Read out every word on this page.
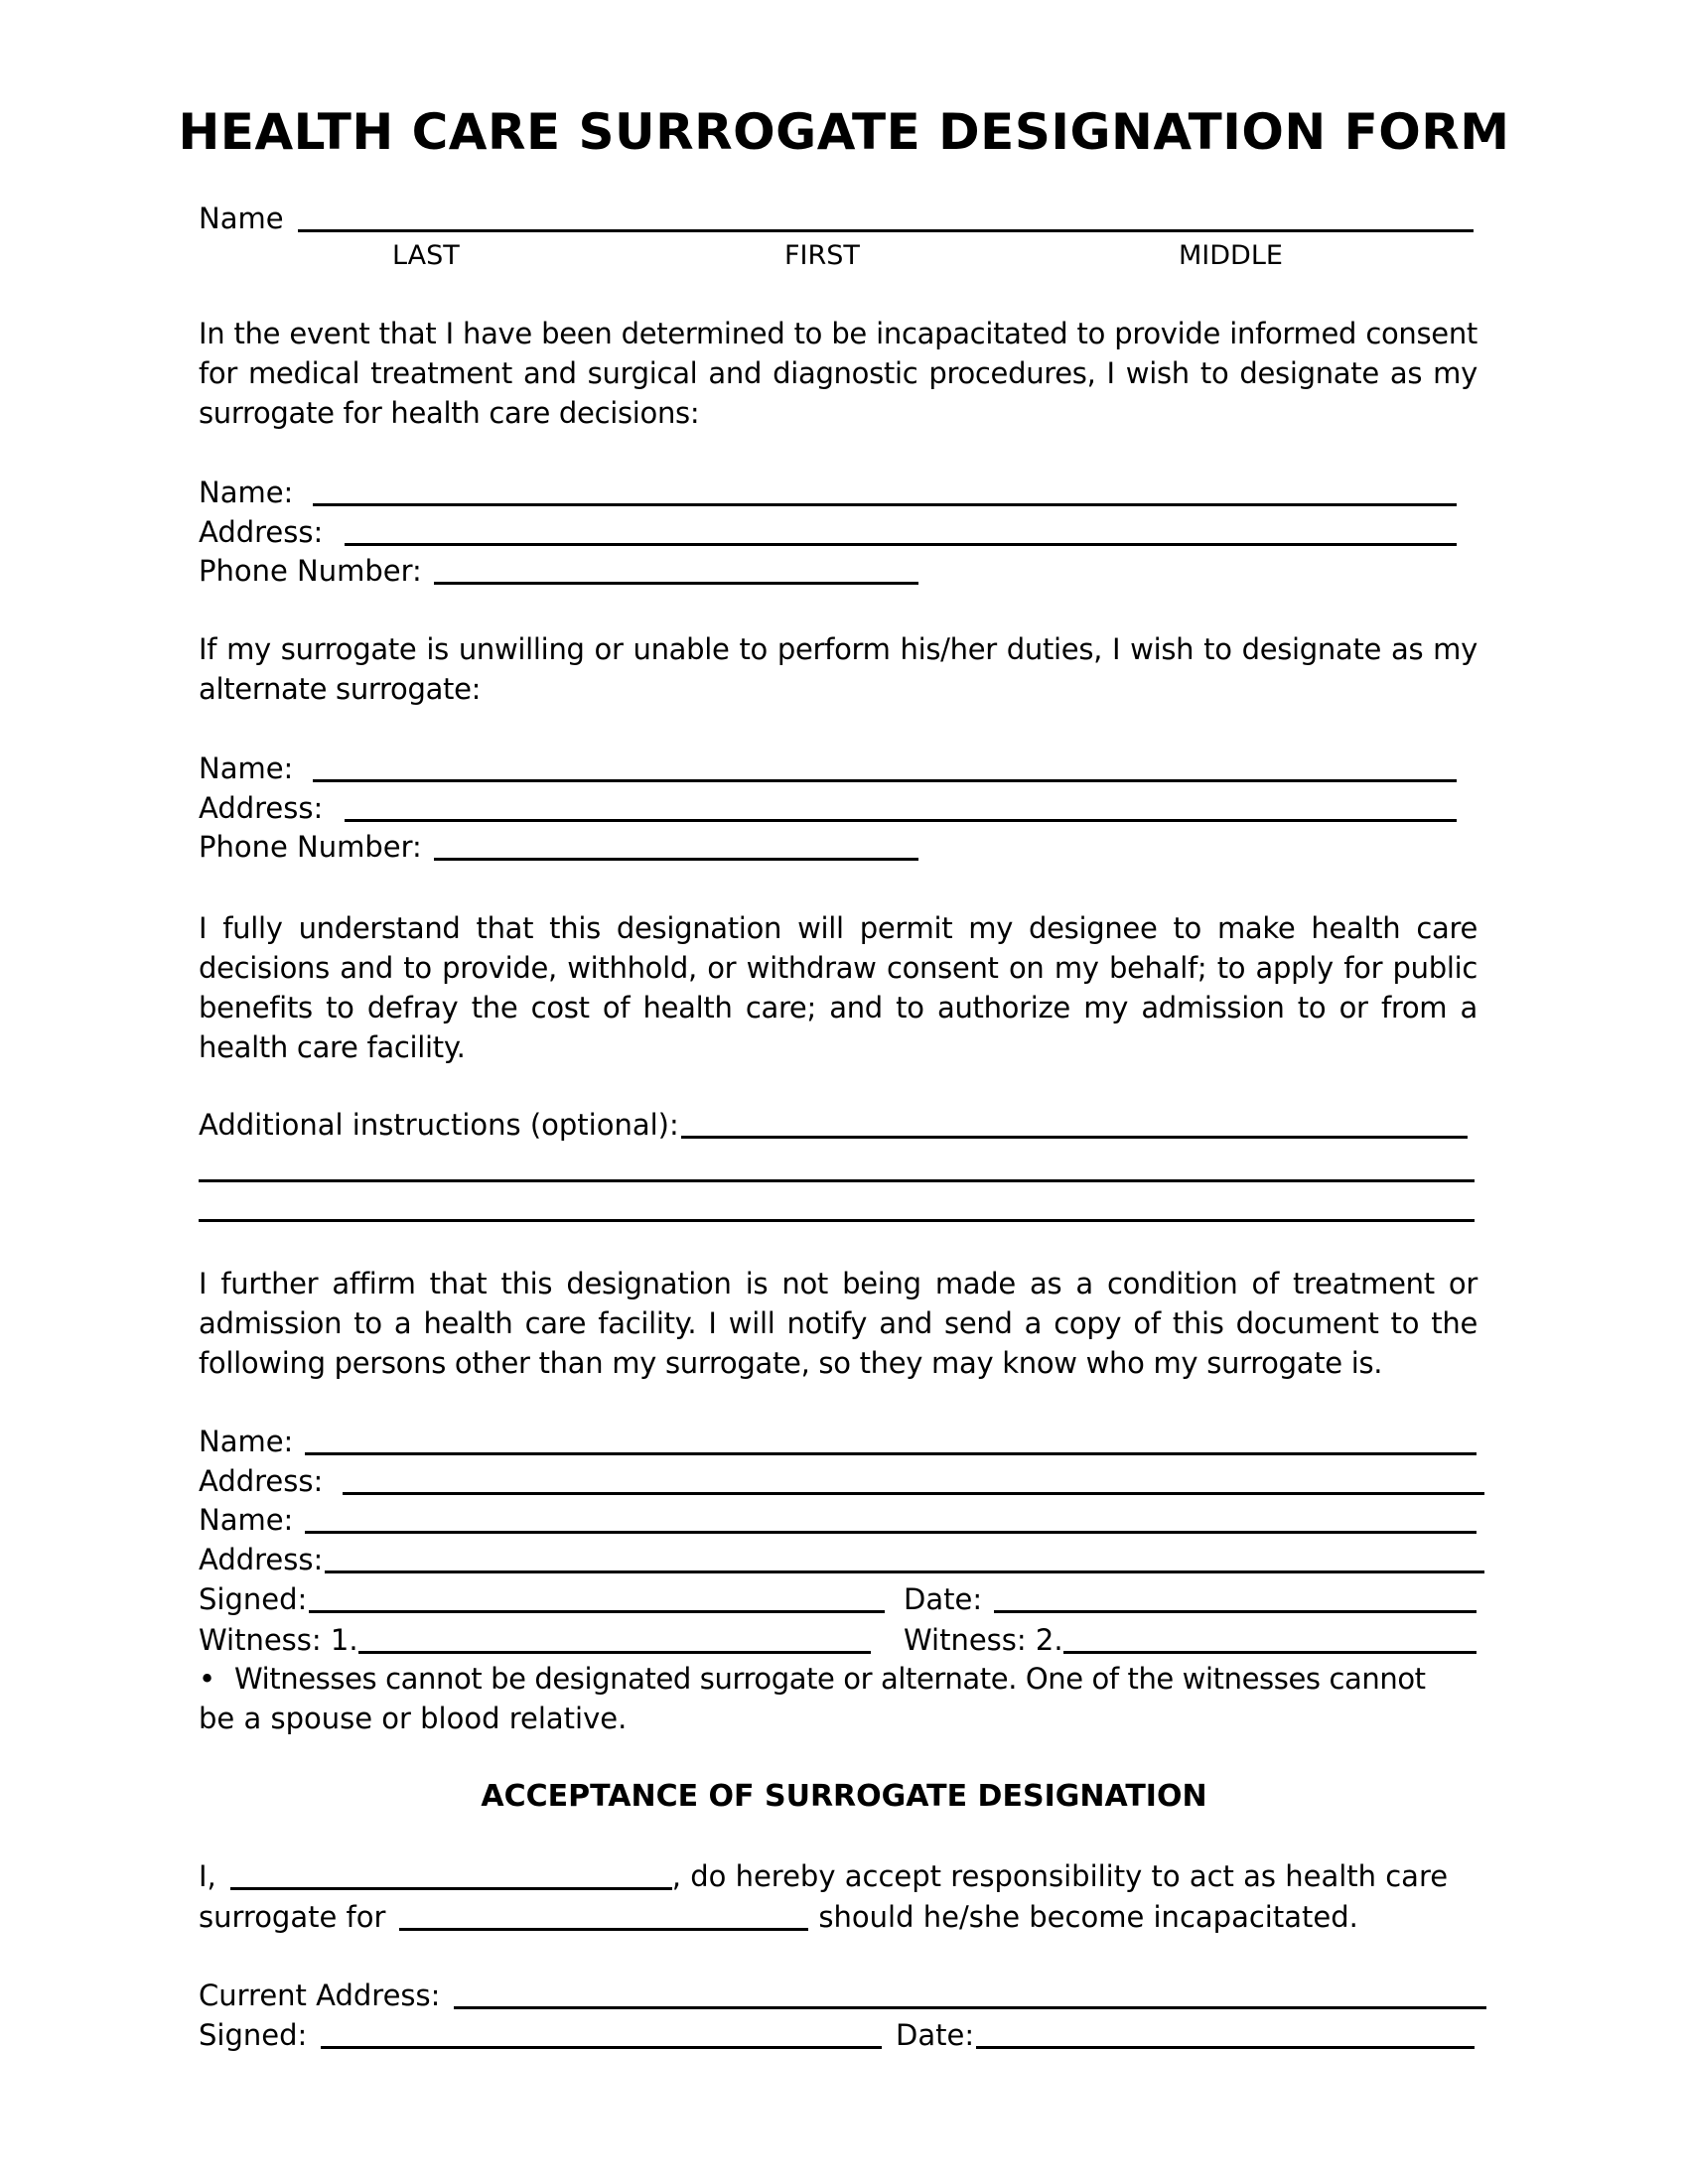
HEALTH CARE SURROGATE DESIGNATION FORM
Name
LAST	FIRST	MIDDLE
In the event that I have been determined to be incapacitated to provide informed consent for medical treatment and surgical and diagnostic procedures, I wish to designate as my surrogate for health care decisions:
Name:
Address:
Phone Number:
If my surrogate is unwilling or unable to perform his/her duties, I wish to designate as my alternate surrogate:
Name:
Address:
Phone Number:
I fully understand that this designation will permit my designee to make health care decisions and to provide, withhold, or withdraw consent on my behalf; to apply for public benefits to defray the cost of health care; and to authorize my admission to or from a health care facility.
Additional instructions (optional):
I further affirm that this designation is not being made as a condition of treatment or admission to a health care facility. I will notify and send a copy of this document to the following persons other than my surrogate, so they may know who my surrogate is.
Name:
Address:
Name:
Address:
Signed:	Date:
Witness: 1.	Witness: 2.
• Witnesses cannot be designated surrogate or alternate. One of the witnesses cannot
be a spouse or blood relative.
ACCEPTANCE OF SURROGATE DESIGNATION
I,	, do hereby accept responsibility to act as health care
surrogate for	should he/she become incapacitated.
Current Address:
Signed:	Date:
